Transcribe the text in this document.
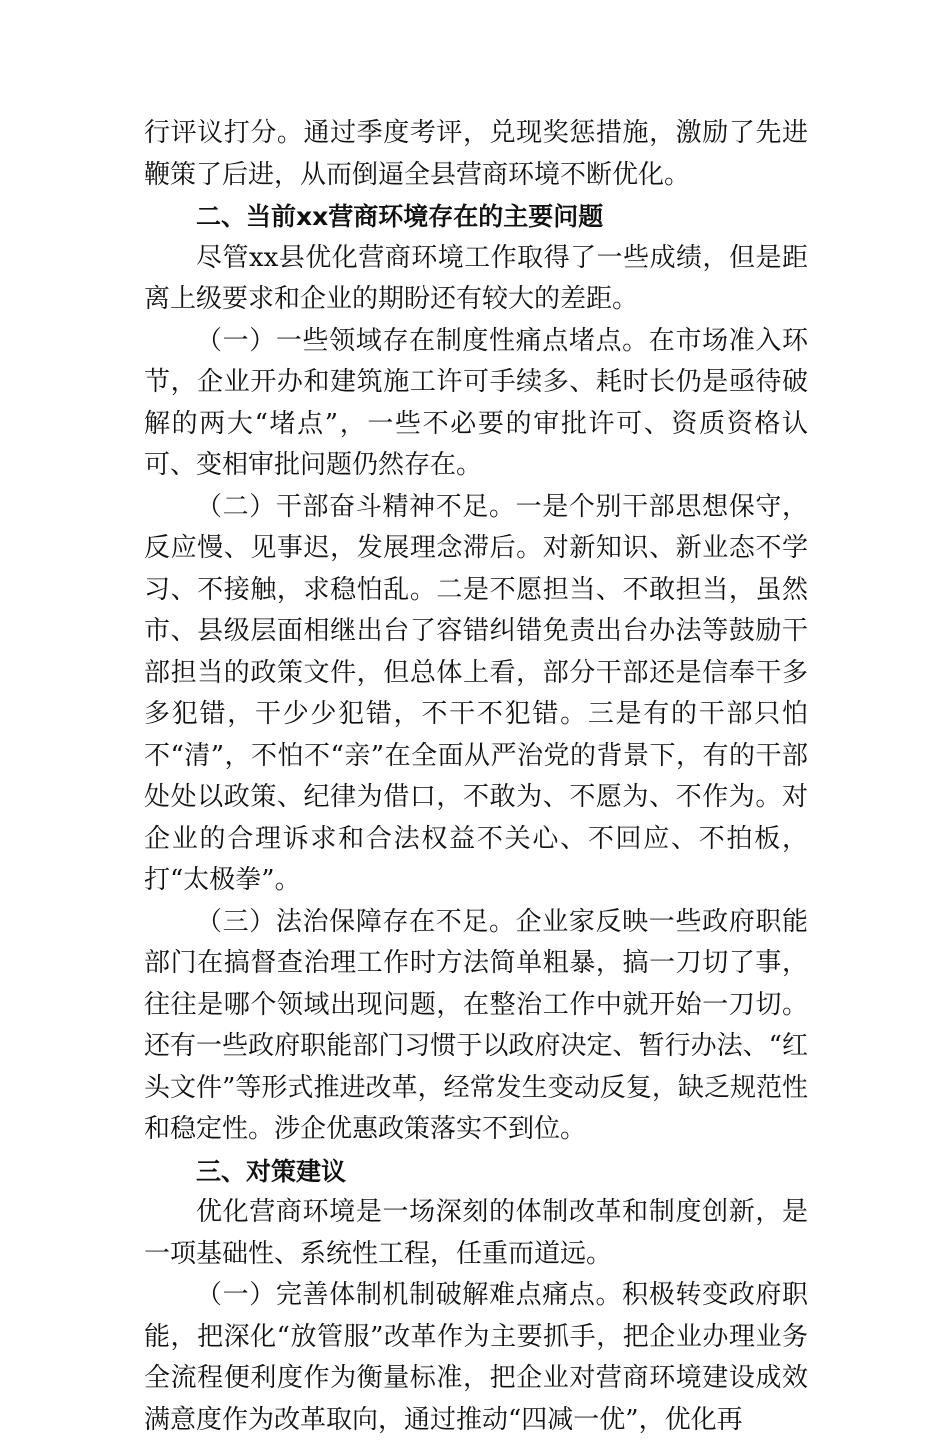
行评议打分。通过季度考评，兑现奖惩措施，激励了先进鞭策了后进，从而倒逼全县营商环境不断优化。

二、当前xx营商环境存在的主要问题

尽管xx县优化营商环境工作取得了一些成绩，但是距离上级要求和企业的期盼还有较大的差距。

（一）一些领域存在制度性痛点堵点。在市场准入环节，企业开办和建筑施工许可手续多、耗时长仍是亟待破解的两大“堵点”，一些不必要的审批许可、资质资格认可、变相审批问题仍然存在。

（二）干部奋斗精神不足。一是个别干部思想保守，反应慢、见事迟，发展理念滞后。对新知识、新业态不学习、不接触，求稳怕乱。二是不愿担当、不敢担当，虽然市、县级层面相继出台了容错纠错免责出台办法等鼓励干部担当的政策文件，但总体上看，部分干部还是信奉干多多犯错，干少少犯错，不干不犯错。三是有的干部只怕不“清”，不怕不“亲”在全面从严治党的背景下，有的干部处处以政策、纪律为借口，不敢为、不愿为、不作为。对企业的合理诉求和合法权益不关心、不回应、不拍板，打“太极拳”。

（三）法治保障存在不足。企业家反映一些政府职能部门在搞督查治理工作时方法简单粗暴，搞一刀切了事，往往是哪个领域出现问题，在整治工作中就开始一刀切。还有一些政府职能部门习惯于以政府决定、暂行办法、“红头文件”等形式推进改革，经常发生变动反复，缺乏规范性和稳定性。涉企优惠政策落实不到位。

三、对策建议

优化营商环境是一场深刻的体制改革和制度创新，是一项基础性、系统性工程，任重而道远。

（一）完善体制机制破解难点痛点。积极转变政府职能，把深化“放管服”改革作为主要抓手，把企业办理业务全流程便利度作为衡量标准，把企业对营商环境建设成效满意度作为改革取向，通过推动“四减一优”，优化再
